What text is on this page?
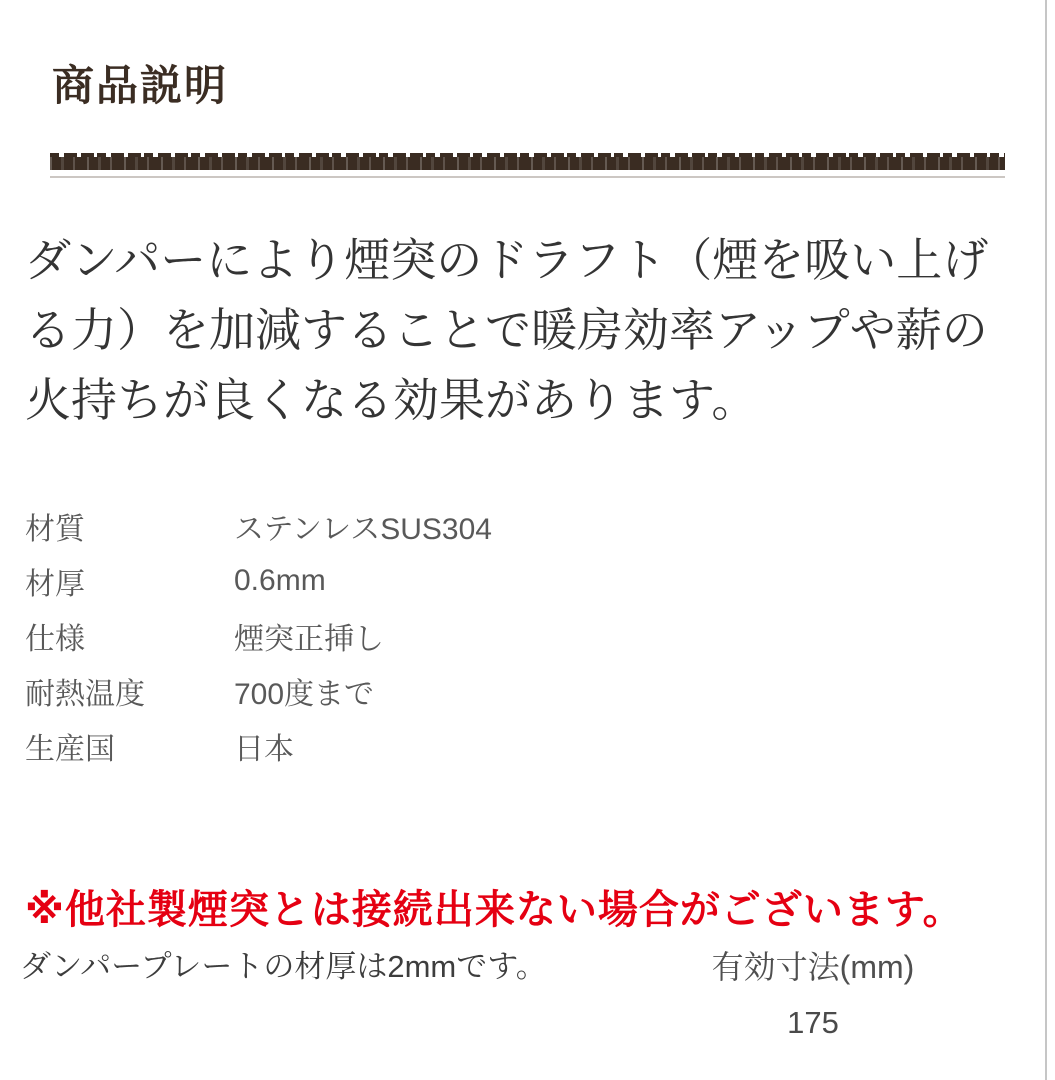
商品説明
ダンパーにより煙突のドラフト（煙を吸い上げ
る力）を加減することで暖房効率アップや薪の
火持ちが良くなる効果があります。
材質	ステンレスSUS304
材厚	0.6mm
仕様	煙突正挿し
耐熱温度	700度まで
生産国	日本
※他社製煙突とは接続出来ない場合がございます。
ダンパープレートの材厚は2mmです。	有効寸法(mm)
175
